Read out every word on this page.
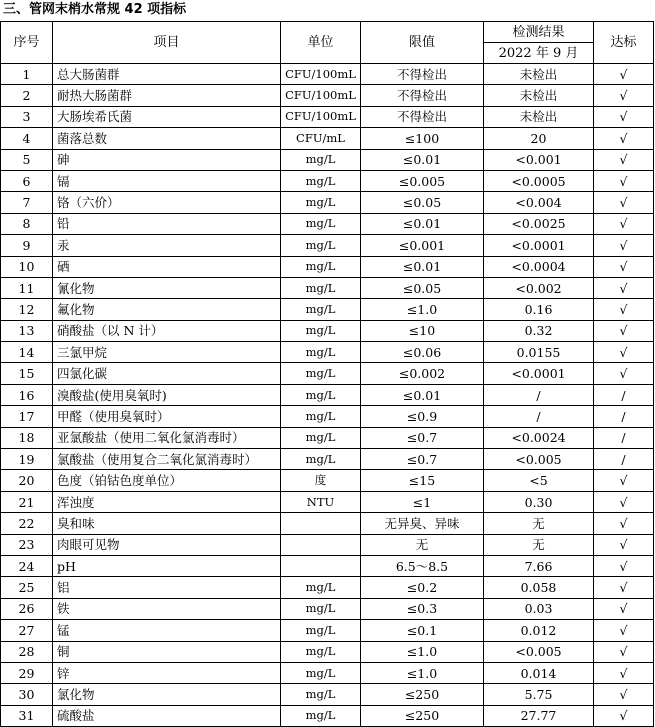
三、管网末梢水常规 42 项指标
序号	项目	单位	限值	检测结果	达标
				2022 年 9 月	
1	总大肠菌群	CFU/100mL	不得检出	未检出	√
2	耐热大肠菌群	CFU/100mL	不得检出	未检出	√
3	大肠埃希氏菌	CFU/100mL	不得检出	未检出	√
4	菌落总数	CFU/mL	≤100	20	√
5	砷	mg/L	≤0.01	<0.001	√
6	镉	mg/L	≤0.005	<0.0005	√
7	铬（六价）	mg/L	≤0.05	<0.004	√
8	铅	mg/L	≤0.01	<0.0025	√
9	汞	mg/L	≤0.001	<0.0001	√
10	硒	mg/L	≤0.01	<0.0004	√
11	氰化物	mg/L	≤0.05	<0.002	√
12	氟化物	mg/L	≤1.0	0.16	√
13	硝酸盐（以 N 计）	mg/L	≤10	0.32	√
14	三氯甲烷	mg/L	≤0.06	0.0155	√
15	四氯化碳	mg/L	≤0.002	<0.0001	√
16	溴酸盐(使用臭氧时)	mg/L	≤0.01	/	/
17	甲醛（使用臭氧时）	mg/L	≤0.9	/	/
18	亚氯酸盐（使用二氧化氯消毒时）	mg/L	≤0.7	<0.0024	/
19	氯酸盐（使用复合二氧化氯消毒时）	mg/L	≤0.7	<0.005	/
20	色度（铂钴色度单位）	度	≤15	<5	√
21	浑浊度	NTU	≤1	0.30	√
22	臭和味		无异臭、异味	无	√
23	肉眼可见物		无	无	√
24	pH		6.5～8.5	7.66	√
25	铝	mg/L	≤0.2	0.058	√
26	铁	mg/L	≤0.3	0.03	√
27	锰	mg/L	≤0.1	0.012	√
28	铜	mg/L	≤1.0	<0.005	√
29	锌	mg/L	≤1.0	0.014	√
30	氯化物	mg/L	≤250	5.75	√
31	硫酸盐	mg/L	≤250	27.77	√
